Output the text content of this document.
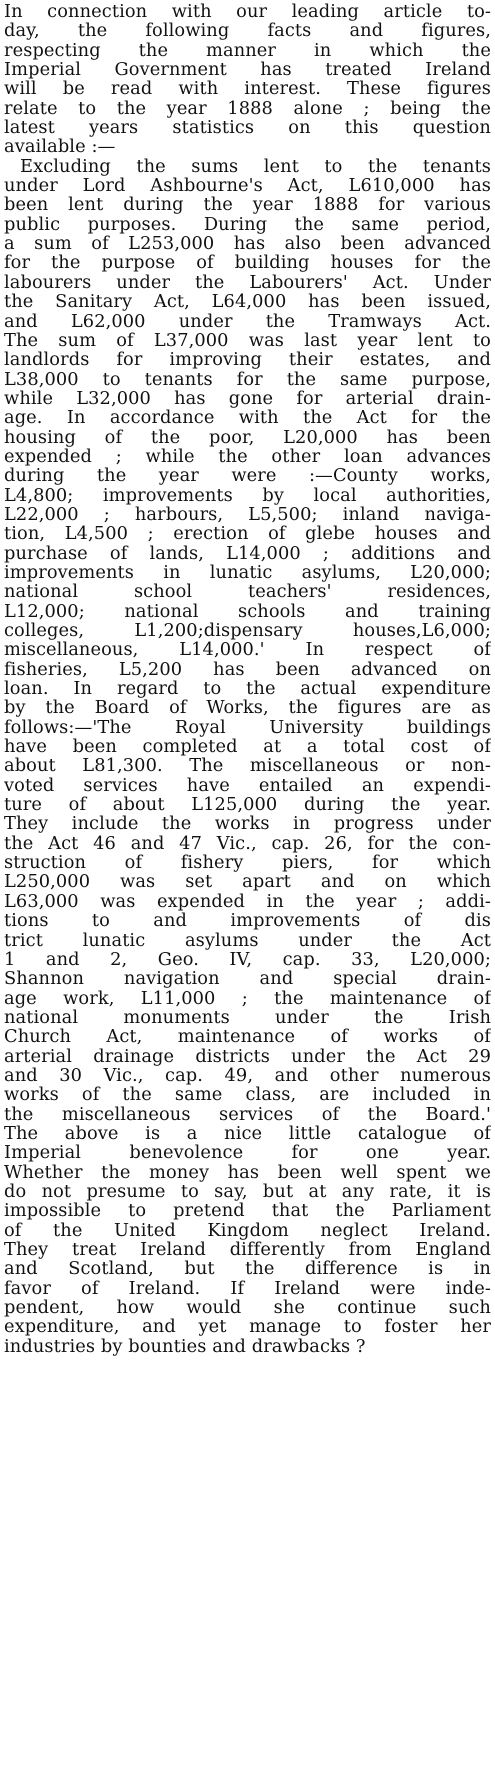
In connection with our leading article to-
day, the following facts and figures,
respecting the manner in which the
Imperial Government has treated Ireland
will be read with interest. These figures
relate to the year 1888 alone ; being the
latest years statistics on this question
available :—
Excluding the sums lent to the tenants
under Lord Ashbourne's Act, L610,000 has
been lent during the year 1888 for various
public purposes. During the same period,
a sum of L253,000 has also been advanced
for the purpose of building houses for the
labourers under the Labourers' Act. Under
the Sanitary Act, L64,000 has been issued,
and L62,000 under the Tramways Act.
The sum of L37,000 was last year lent to
landlords for improving their estates, and
L38,000 to tenants for the same purpose,
while L32,000 has gone for arterial drain-
age. In accordance with the Act for the
housing of the poor, L20,000 has been
expended ; while the other loan advances
during the year were :—County works,
L4,800; improvements by local authorities,
L22,000 ; harbours, L5,500; inland naviga-
tion, L4,500 ; erection of glebe houses and
purchase of lands, L14,000 ; additions and
improvements in lunatic asylums, L20,000;
national school teachers' residences,
L12,000; national schools and training
colleges, L1,200;dispensary houses,L6,000;
miscellaneous, L14,000.' In respect of
fisheries, L5,200 has been advanced on
loan. In regard to the actual expenditure
by the Board of Works, the figures are as
follows:—'The Royal University buildings
have been completed at a total cost of
about L81,300. The miscellaneous or non-
voted services have entailed an expendi-
ture of about L125,000 during the year.
They include the works in progress under
the Act 46 and 47 Vic., cap. 26, for the con-
struction of fishery piers, for which
L250,000 was set apart and on which
L63,000 was expended in the year ; addi-
tions to and improvements of dis
trict lunatic asylums under the Act
1 and 2, Geo. IV, cap. 33, L20,000;
Shannon navigation and special drain-
age work, L11,000 ; the maintenance of
national monuments under the Irish
Church Act, maintenance of works of
arterial drainage districts under the Act 29
and 30 Vic., cap. 49, and other numerous
works of the same class, are included in
the miscellaneous services of the Board.'
The above is a nice little catalogue of
Imperial benevolence for one year.
Whether the money has been well spent we
do not presume to say, but at any rate, it is
impossible to pretend that the Parliament
of the United Kingdom neglect Ireland.
They treat Ireland differently from England
and Scotland, but the difference is in
favor of Ireland. If Ireland were inde-
pendent, how would she continue such
expenditure, and yet manage to foster her
industries by bounties and drawbacks ?
